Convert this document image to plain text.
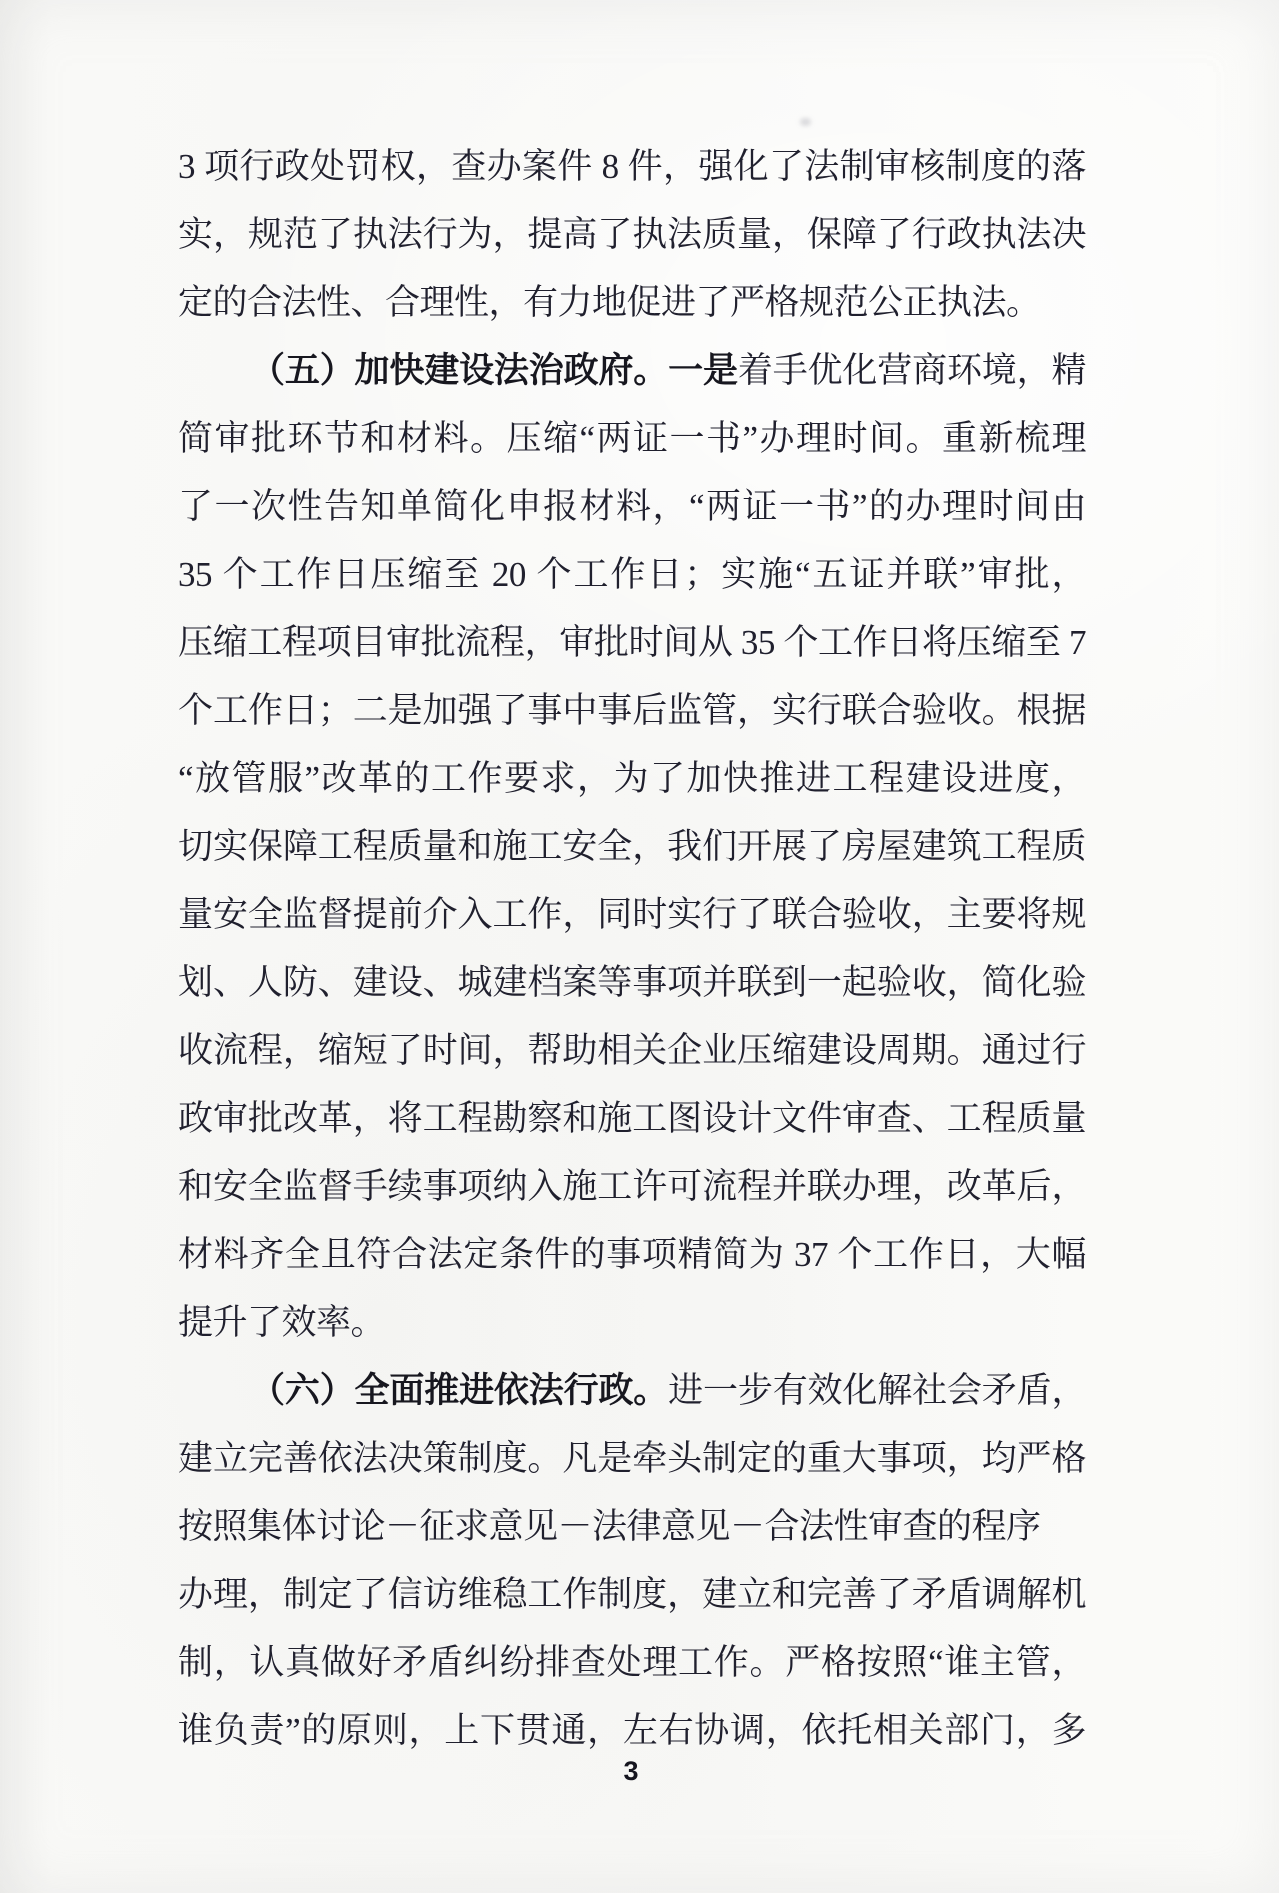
3 项行政处罚权，查办案件 8 件，强化了法制审核制度的落
实，规范了执法行为，提高了执法质量，保障了行政执法决
定的合法性、合理性，有力地促进了严格规范公正执法。
（五）加快建设法治政府。一是着手优化营商环境，精
简审批环节和材料。压缩“两证一书”办理时间。重新梳理
了一次性告知单简化申报材料，“两证一书”的办理时间由
35 个工作日压缩至 20 个工作日；实施“五证并联”审批，
压缩工程项目审批流程，审批时间从 35 个工作日将压缩至 7
个工作日；二是加强了事中事后监管，实行联合验收。根据
“放管服”改革的工作要求，为了加快推进工程建设进度，
切实保障工程质量和施工安全，我们开展了房屋建筑工程质
量安全监督提前介入工作，同时实行了联合验收，主要将规
划、人防、建设、城建档案等事项并联到一起验收，简化验
收流程，缩短了时间，帮助相关企业压缩建设周期。通过行
政审批改革，将工程勘察和施工图设计文件审查、工程质量
和安全监督手续事项纳入施工许可流程并联办理，改革后，
材料齐全且符合法定条件的事项精简为 37 个工作日，大幅
提升了效率。
（六）全面推进依法行政。进一步有效化解社会矛盾，
建立完善依法决策制度。凡是牵头制定的重大事项，均严格
按照集体讨论－征求意见－法律意见－合法性审查的程序
办理，制定了信访维稳工作制度，建立和完善了矛盾调解机
制，认真做好矛盾纠纷排查处理工作。严格按照“谁主管，
谁负责”的原则，上下贯通，左右协调，依托相关部门，多
3
